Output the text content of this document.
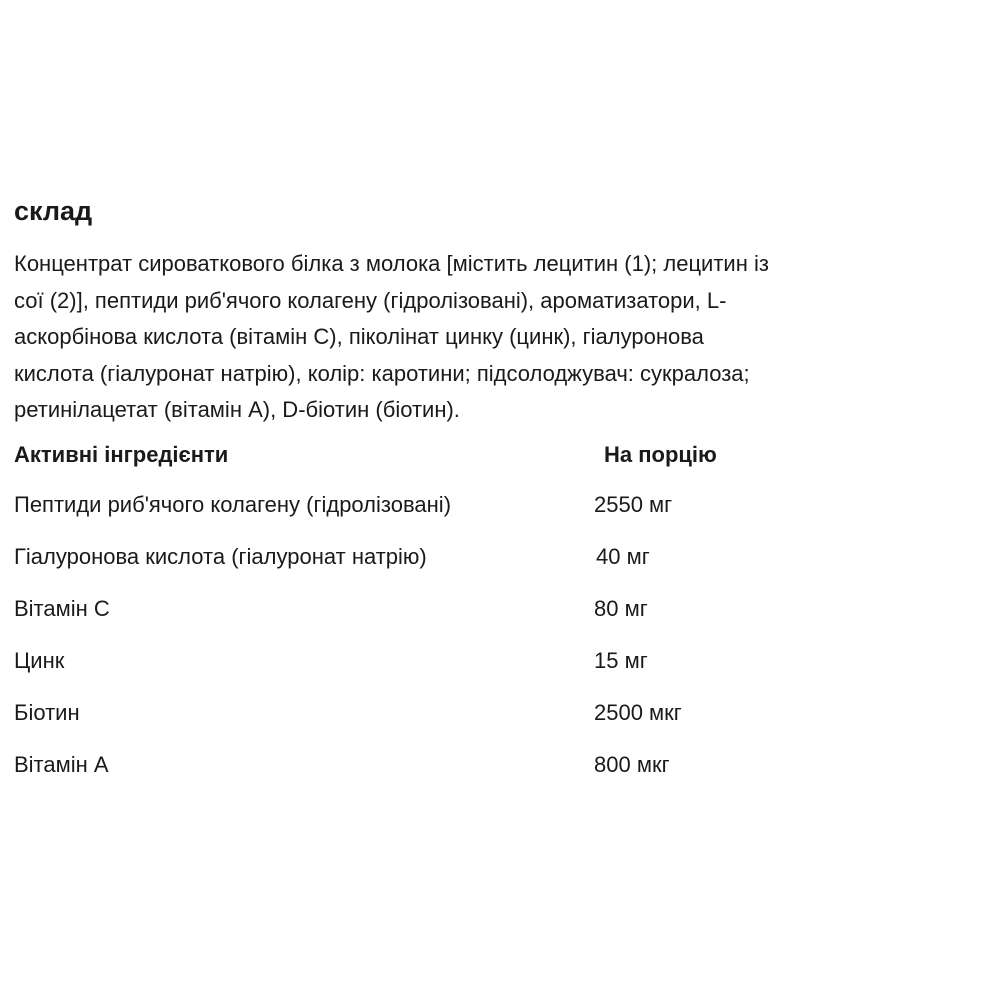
склад
Концентрат сироваткового білка з молока [містить лецитин (1); лецитин із
сої (2)], пептиди риб'ячого колагену (гідролізовані), ароматизатори, L-
аскорбінова кислота (вітамін С), піколінат цинку (цинк), гіалуронова
кислота (гіалуронат натрію), колір: каротини; підсолоджувач: сукралоза;
ретинілацетат (вітамін А), D-біотин (біотин).
Активні інгредієнти	На порцію
Пептиди риб'ячого колагену (гідролізовані)	2550 мг
Гіалуронова кислота (гіалуронат натрію)	40 мг
Вітамін С	80 мг
Цинк	15 мг
Біотин	2500 мкг
Вітамін А	800 мкг
